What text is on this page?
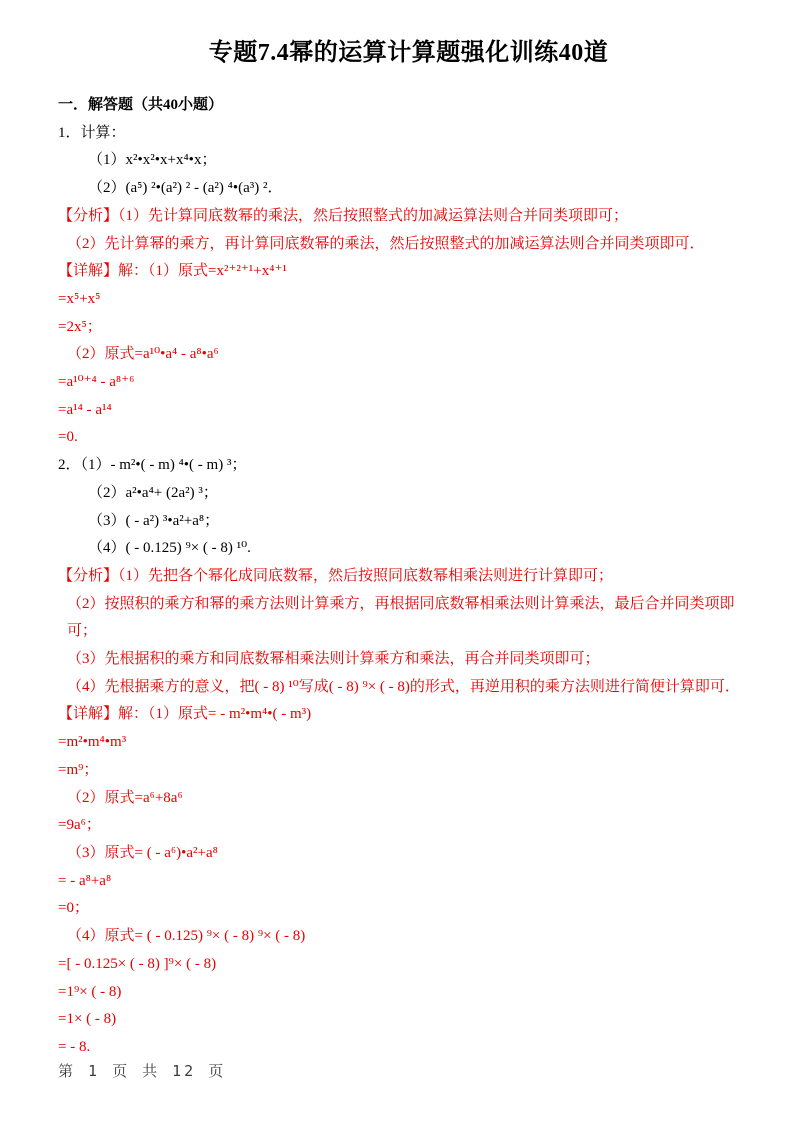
专题7.4幂的运算计算题强化训练40道

一．解答题（共40小题）

1．计算：

（1）x²•x²•x+x⁴•x；

（2）(a⁵) ²•(a²) ² - (a²) ⁴•(a³) ²．

【分析】（1）先计算同底数幂的乘法，然后按照整式的加减运算法则合并同类项即可；

（2）先计算幂的乘方，再计算同底数幂的乘法，然后按照整式的加减运算法则合并同类项即可．

【详解】解：（1）原式=x²⁺²⁺¹+x⁴⁺¹

=x⁵+x⁵

=2x⁵；

（2）原式=a¹⁰•a⁴ - a⁸•a⁶

=a¹⁰⁺⁴ - a⁸⁺⁶

=a¹⁴ - a¹⁴

=0.

2．（1）- m²•( - m) ⁴•( - m) ³；

（2）a²•a⁴+ (2a²) ³；

（3）( - a²) ³•a²+a⁸；

（4）( - 0.125) ⁹× ( - 8) ¹⁰.

【分析】（1）先把各个幂化成同底数幂，然后按照同底数幂相乘法则进行计算即可；

（2）按照积的乘方和幂的乘方法则计算乘方，再根据同底数幂相乘法则计算乘法，最后合并同类项即可；

（3）先根据积的乘方和同底数幂相乘法则计算乘方和乘法，再合并同类项即可；

（4）先根据乘方的意义，把( - 8) ¹⁰写成( - 8) ⁹× ( - 8)的形式，再逆用积的乘方法则进行简便计算即可．

【详解】解：（1）原式= - m²•m⁴•( - m³)

=m²•m⁴•m³

=m⁹；

（2）原式=a⁶+8a⁶

=9a⁶；

（3）原式= ( - a⁶)•a²+a⁸

= - a⁸+a⁸

=0；

（4）原式= ( - 0.125) ⁹× ( - 8) ⁹× ( - 8)

=[ - 0.125× ( - 8) ]⁹× ( - 8)

=1⁹× ( - 8)

=1× ( - 8)

= - 8.

第 1 页 共 12 页
